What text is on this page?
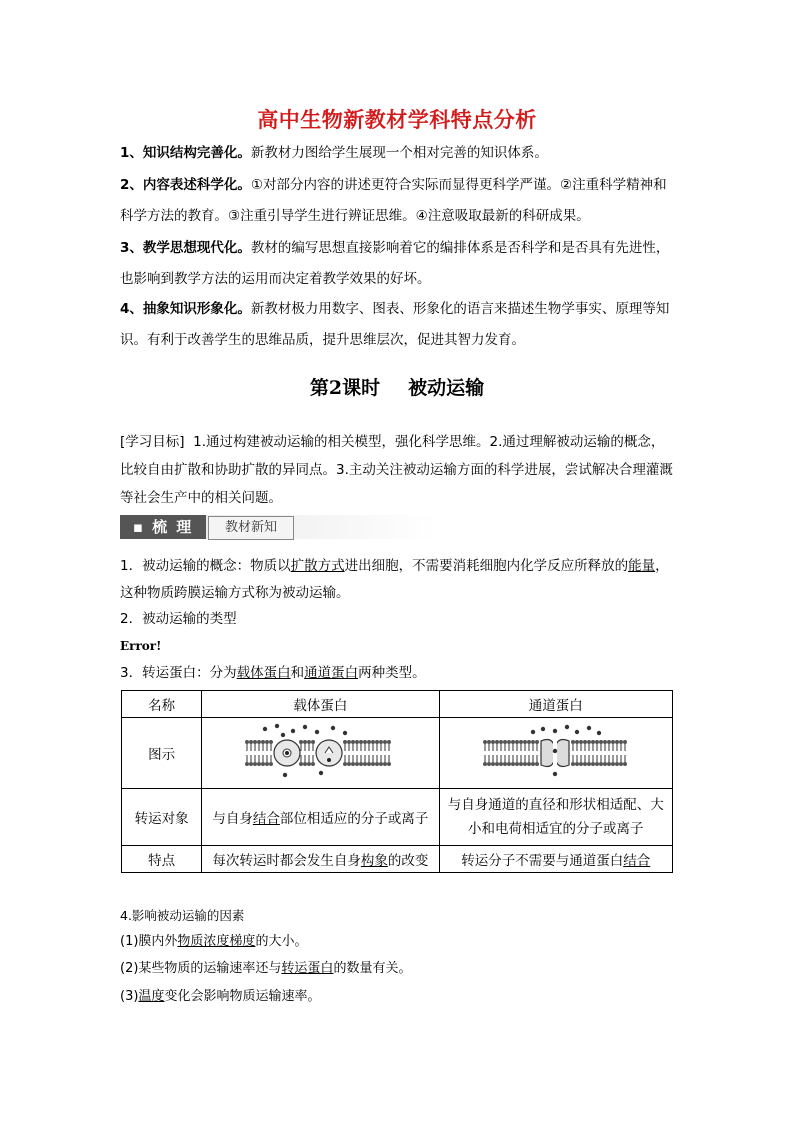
高中生物新教材学科特点分析
1、知识结构完善化。新教材力图给学生展现一个相对完善的知识体系。
2、内容表述科学化。①对部分内容的讲述更符合实际而显得更科学严谨。②注重科学精神和科学方法的教育。③注重引导学生进行辨证思维。④注意吸取最新的科研成果。
3、教学思想现代化。教材的编写思想直接影响着它的编排体系是否科学和是否具有先进性，也影响到教学方法的运用而决定着教学效果的好坏。
4、抽象知识形象化。新教材极力用数字、图表、形象化的语言来描述生物学事实、原理等知识。有利于改善学生的思维品质，提升思维层次，促进其智力发育。
第2课时 被动运输
[学习目标] 1.通过构建被动运输的相关模型，强化科学思维。2.通过理解被动运输的概念，比较自由扩散和协助扩散的异同点。3.主动关注被动运输方面的科学进展，尝试解决合理灌溉等社会生产中的相关问题。
▪ 梳 理	教材新知
1．被动运输的概念：物质以扩散方式进出细胞，不需要消耗细胞内化学反应所释放的能量，这种物质跨膜运输方式称为被动运输。
2．被动运输的类型
Error!
3．转运蛋白：分为载体蛋白和通道蛋白两种类型。
名称	载体蛋白	通道蛋白
图示		
转运对象	与自身结合部位相适应的分子或离子	与自身通道的直径和形状相适配、大小和电荷相适宜的分子或离子
特点	每次转运时都会发生自身构象的改变	转运分子不需要与通道蛋白结合
4.影响被动运输的因素
(1)膜内外物质浓度梯度的大小。
(2)某些物质的运输速率还与转运蛋白的数量有关。
(3)温度变化会影响物质运输速率。
